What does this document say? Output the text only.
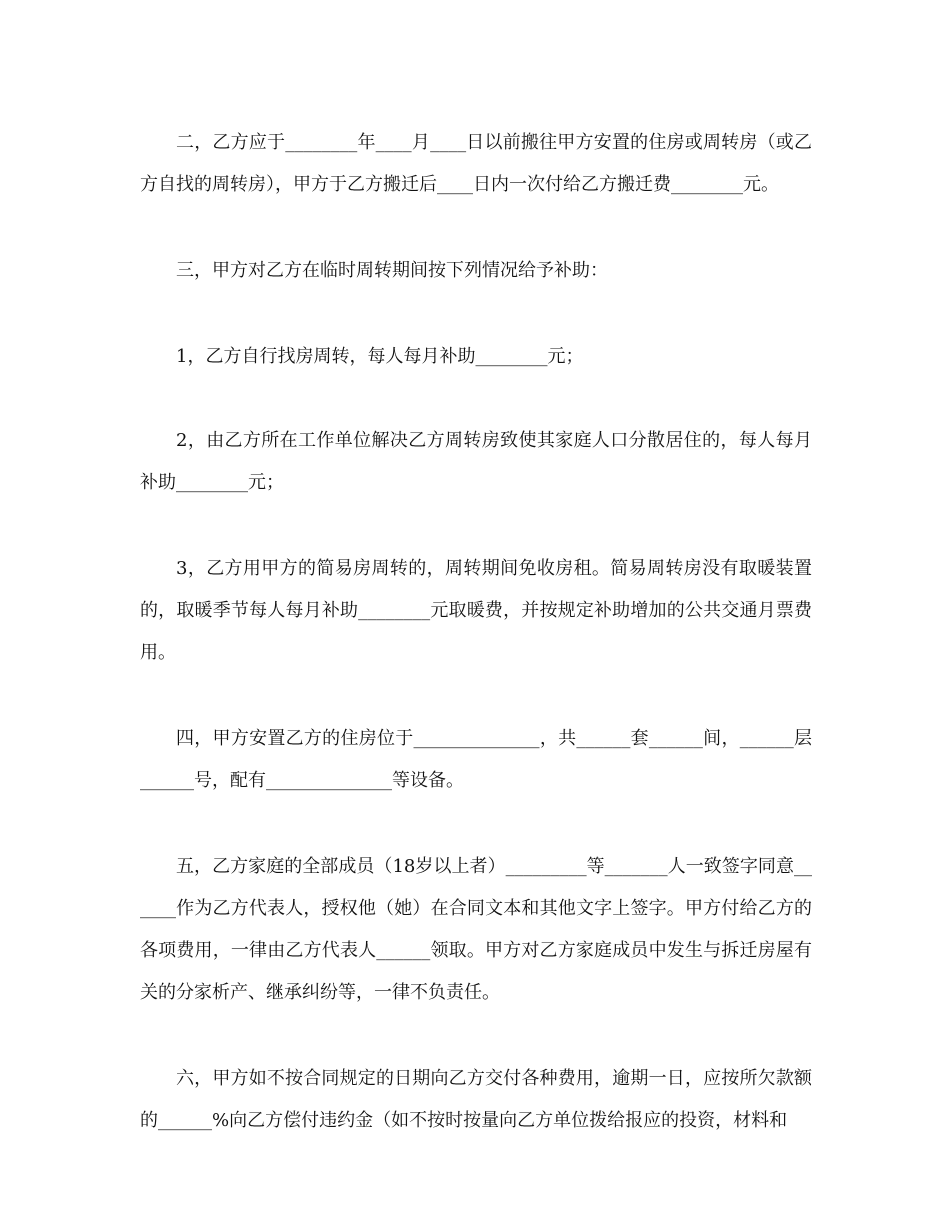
二，乙方应于________年____月____日以前搬往甲方安置的住房或周转房（或乙方自找的周转房），甲方于乙方搬迁后____日内一次付给乙方搬迁费________元。

三，甲方对乙方在临时周转期间按下列情况给予补助：

1，乙方自行找房周转，每人每月补助________元；

2，由乙方所在工作单位解决乙方周转房致使其家庭人口分散居住的，每人每月补助________元；

3，乙方用甲方的简易房周转的，周转期间免收房租。简易周转房没有取暖装置的，取暖季节每人每月补助________元取暖费，并按规定补助增加的公共交通月票费用。

四，甲方安置乙方的住房位于______________，共______套______间，______层______号，配有______________等设备。

五，乙方家庭的全部成员（18岁以上者）_________等_______人一致签字同意______作为乙方代表人，授权他（她）在合同文本和其他文字上签字。甲方付给乙方的各项费用，一律由乙方代表人______领取。甲方对乙方家庭成员中发生与拆迁房屋有关的分家析产、继承纠纷等，一律不负责任。

六，甲方如不按合同规定的日期向乙方交付各种费用，逾期一日，应按所欠款额的______%向乙方偿付违约金（如不按时按量向乙方单位拨给报应的投资，材料和
